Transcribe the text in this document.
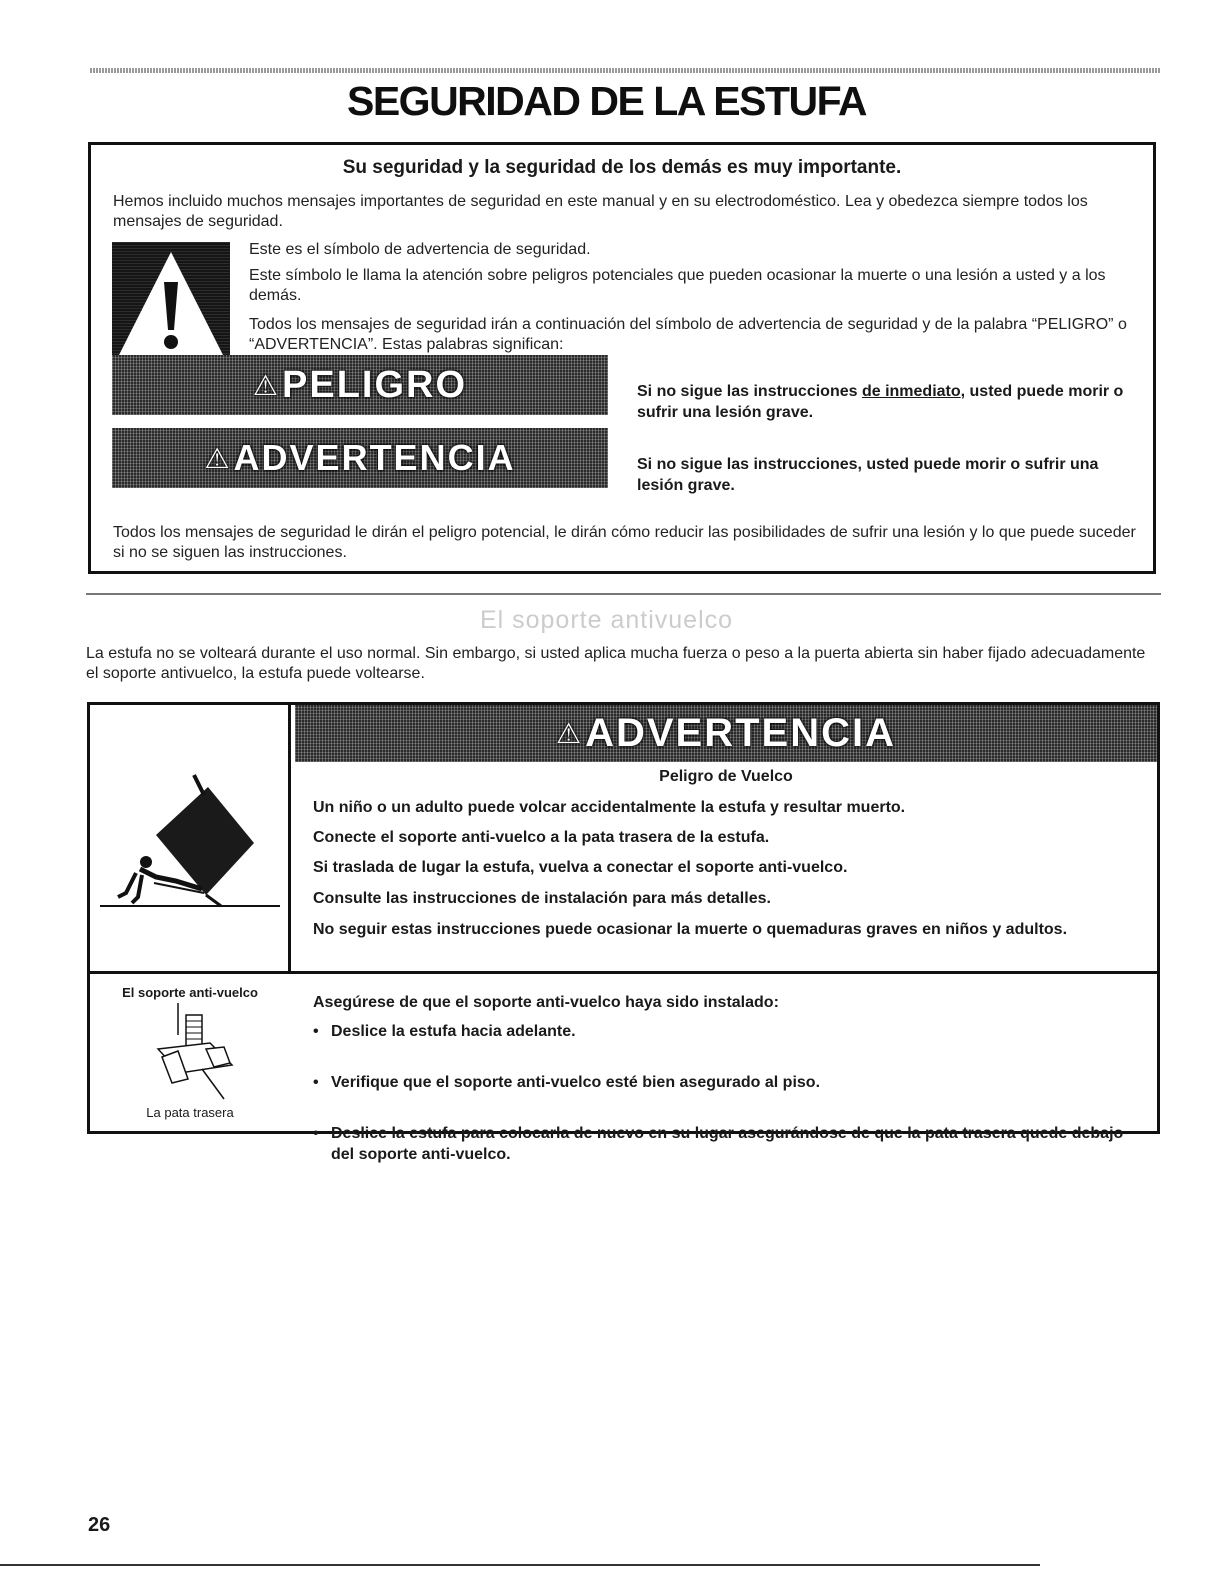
SEGURIDAD DE LA ESTUFA
Su seguridad y la seguridad de los demás es muy importante.
Hemos incluido muchos mensajes importantes de seguridad en este manual y en su electrodoméstico. Lea y obedezca siempre todos los mensajes de seguridad.
Este es el símbolo de advertencia de seguridad.
Este símbolo le llama la atención sobre peligros potenciales que pueden ocasionar la muerte o una lesión a usted y a los demás.
Todos los mensajes de seguridad irán a continuación del símbolo de advertencia de seguridad y de la palabra “PELIGRO” o “ADVERTENCIA”. Estas palabras significan:
⚠ PELIGRO	Si no sigue las instrucciones de inmediato, usted puede morir o sufrir una lesión grave.
⚠ ADVERTENCIA	Si no sigue las instrucciones, usted puede morir o sufrir una lesión grave.
Todos los mensajes de seguridad le dirán el peligro potencial, le dirán cómo reducir las posibilidades de sufrir una lesión y lo que puede suceder si no se siguen las instrucciones.
El soporte antivuelco
La estufa no se volteará durante el uso normal. Sin embargo, si usted aplica mucha fuerza o peso a la puerta abierta sin haber fijado adecuadamente el soporte antivuelco, la estufa puede voltearse.
⚠ ADVERTENCIA
Peligro de Vuelco
Un niño o un adulto puede volcar accidentalmente la estufa y resultar muerto.
Conecte el soporte anti-vuelco a la pata trasera de la estufa.
Si traslada de lugar la estufa, vuelva a conectar el soporte anti-vuelco.
Consulte las instrucciones de instalación para más detalles.
No seguir estas instrucciones puede ocasionar la muerte o quemaduras graves en niños y adultos.
El soporte anti-vuelco
La pata trasera
Asegúrese de que el soporte anti-vuelco haya sido instalado:
• Deslice la estufa hacia adelante.
• Verifique que el soporte anti-vuelco esté bien asegurado al piso.
• Deslice la estufa para colocarla de nuevo en su lugar asegurándose de que la pata trasera quede debajo del soporte anti-vuelco.
26
